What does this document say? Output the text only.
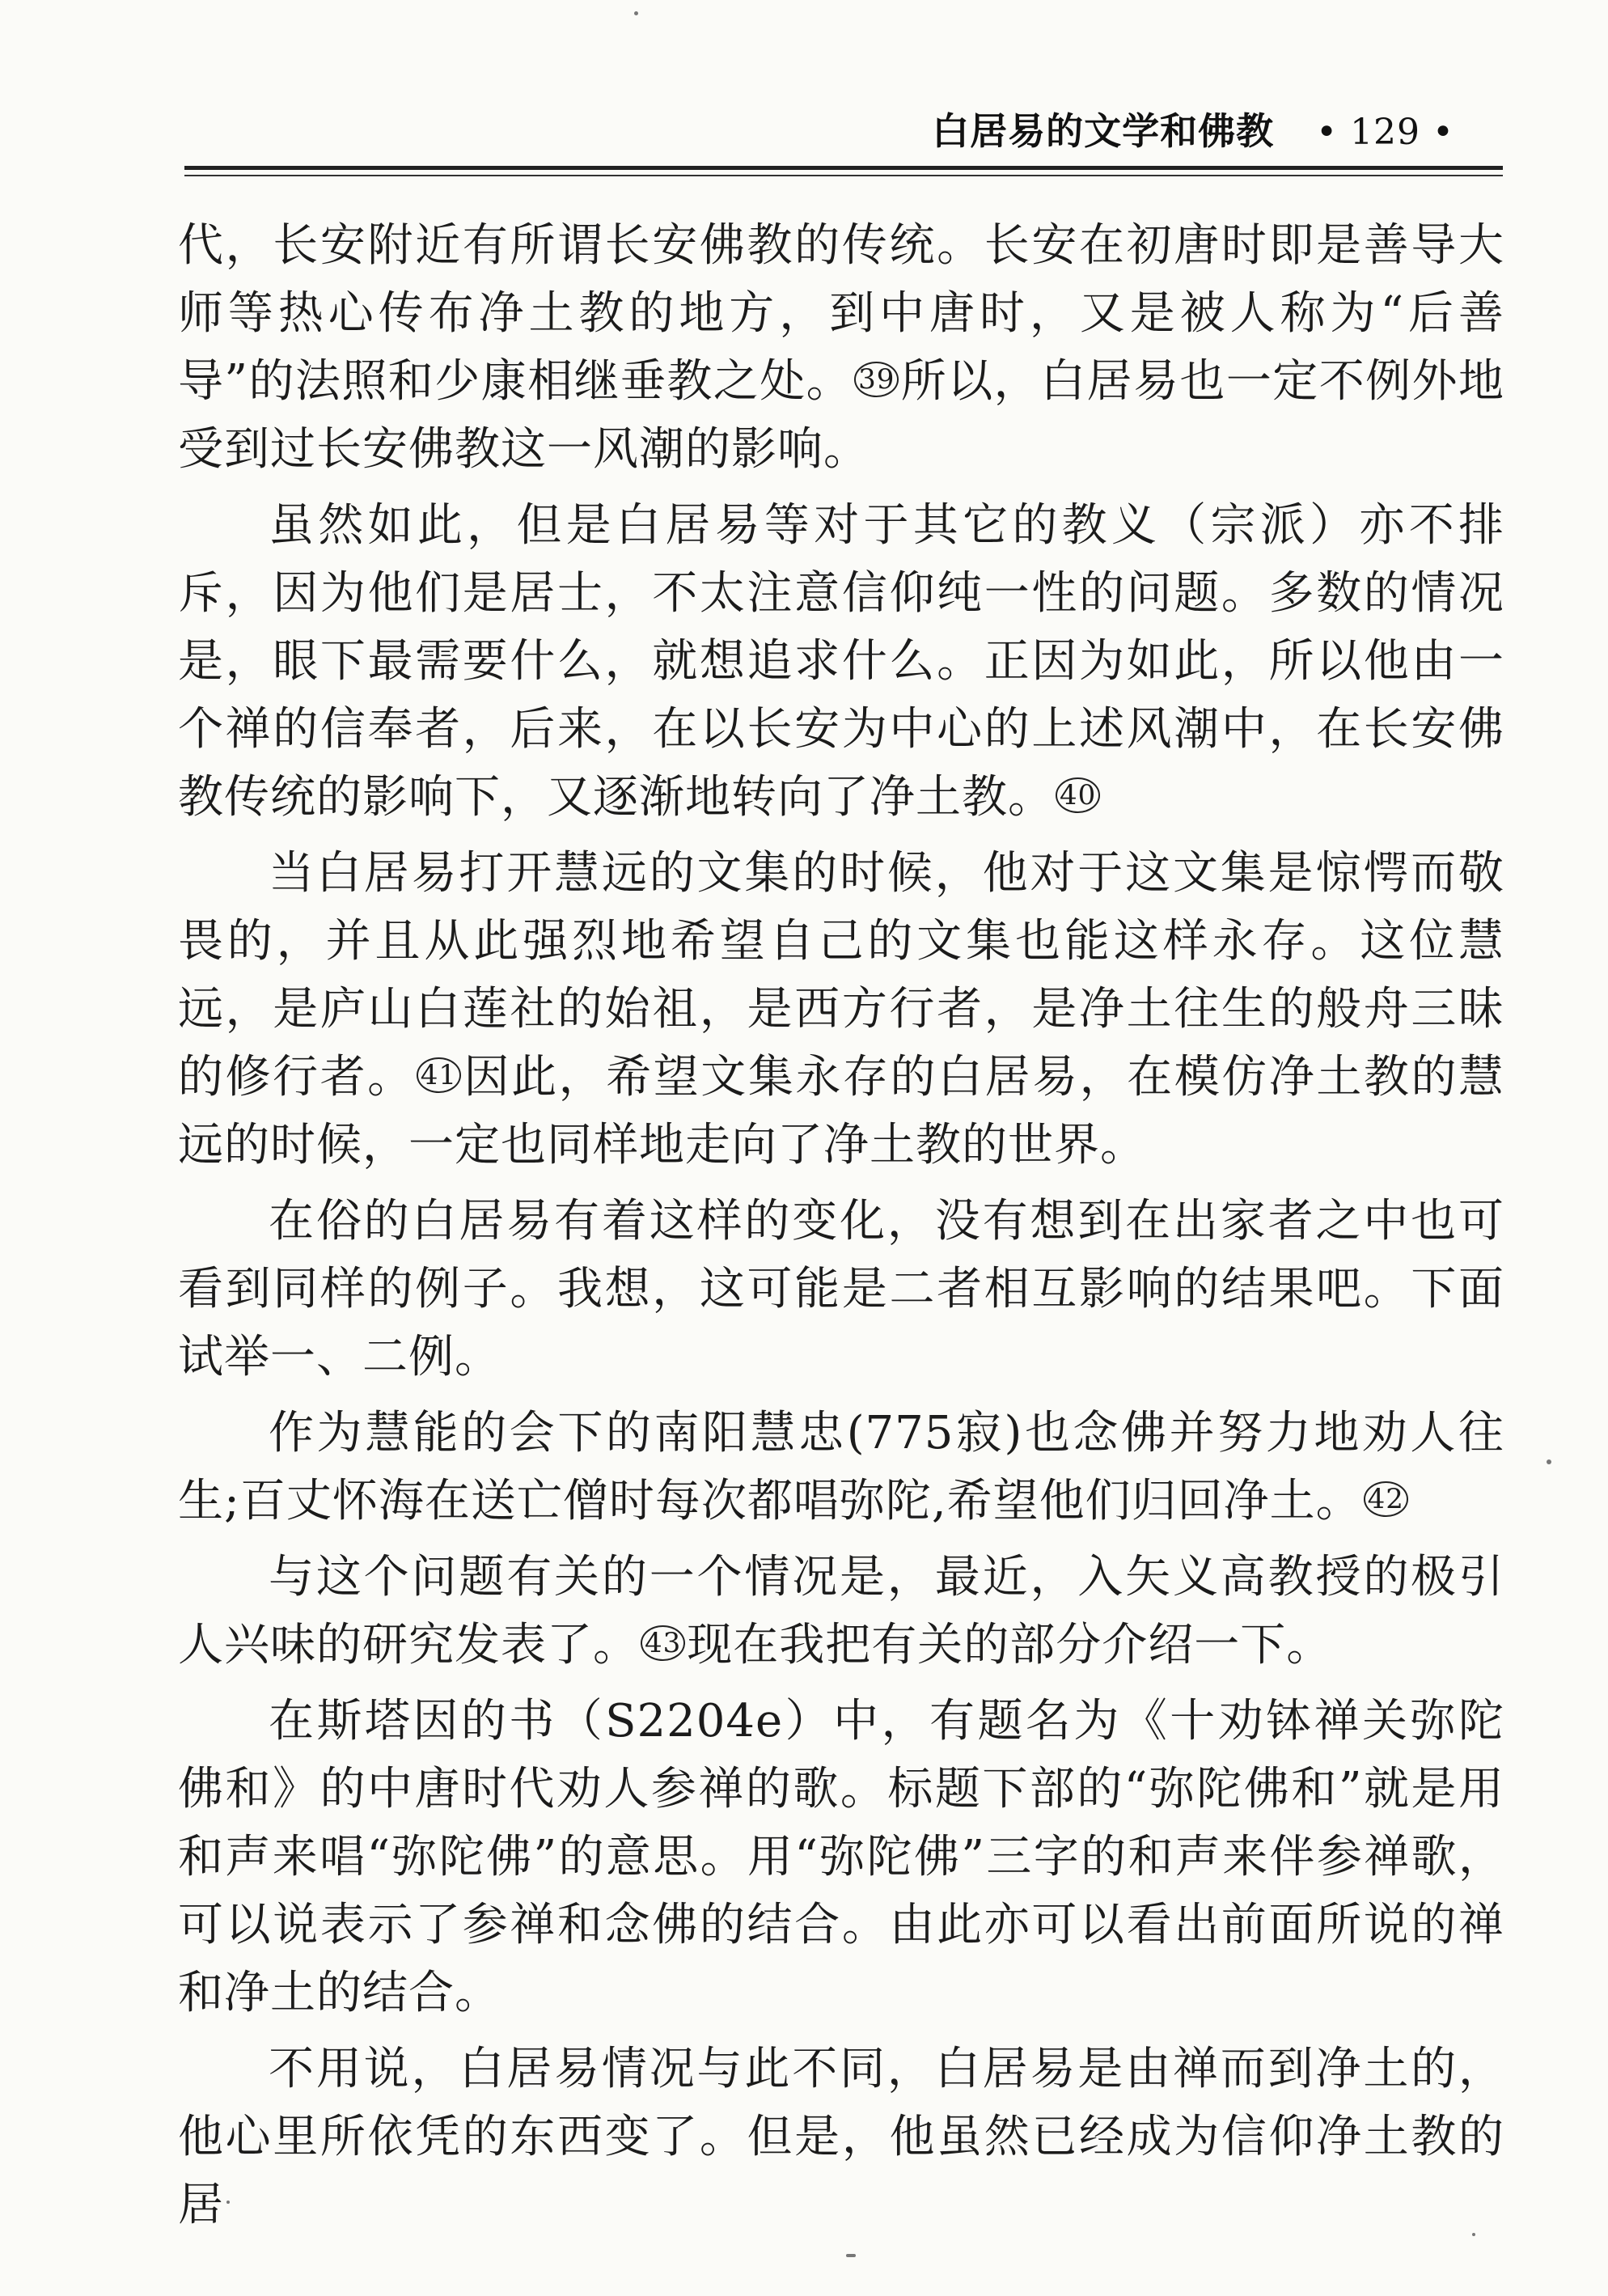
白居易的文学和佛教 • 129 •

代，长安附近有所谓长安佛教的传统。长安在初唐时即是善导大师等热心传布净土教的地方，到中唐时，又是被人称为“后善导”的法照和少康相继垂教之处。 39 所以，白居易也一定不例外地受到过长安佛教这一风潮的影响。

虽然如此，但是白居易等对于其它的教义（宗派）亦不排斥，因为他们是居士，不太注意信仰纯一性的问题。多数的情况是，眼下最需要什么，就想追求什么。正因为如此，所以他由一个禅的信奉者，后来，在以长安为中心的上述风潮中，在长安佛教传统的影响下，又逐渐地转向了净土教。 40

当白居易打开慧远的文集的时候，他对于这文集是惊愕而敬畏的，并且从此强烈地希望自己的文集也能这样永存。这位慧远，是庐山白莲社的始祖，是西方行者，是净土往生的般舟三昧的修行者。 41 因此，希望文集永存的白居易，在模仿净土教的慧远的时候，一定也同样地走向了净土教的世界。

在俗的白居易有着这样的变化，没有想到在出家者之中也可看到同样的例子。我想，这可能是二者相互影响的结果吧。下面试举一、二例。

作为慧能的会下的南阳慧忠(775寂)也念佛并努力地劝人往生;百丈怀海在送亡僧时每次都唱弥陀,希望他们归回净土。 42

与这个问题有关的一个情况是，最近，入矢义高教授的极引人兴味的研究发表了。 43 现在我把有关的部分介绍一下。

在斯塔因的书（S2204e）中，有题名为《十劝钵禅关弥陀佛和》的中唐时代劝人参禅的歌。标题下部的“弥陀佛和”就是用和声来唱“弥陀佛”的意思。用“弥陀佛”三字的和声来伴参禅歌，可以说表示了参禅和念佛的结合。由此亦可以看出前面所说的禅和净土的结合。

不用说，白居易情况与此不同，白居易是由禅而到净土的，他心里所依凭的东西变了。但是，他虽然已经成为信仰净土教的居
